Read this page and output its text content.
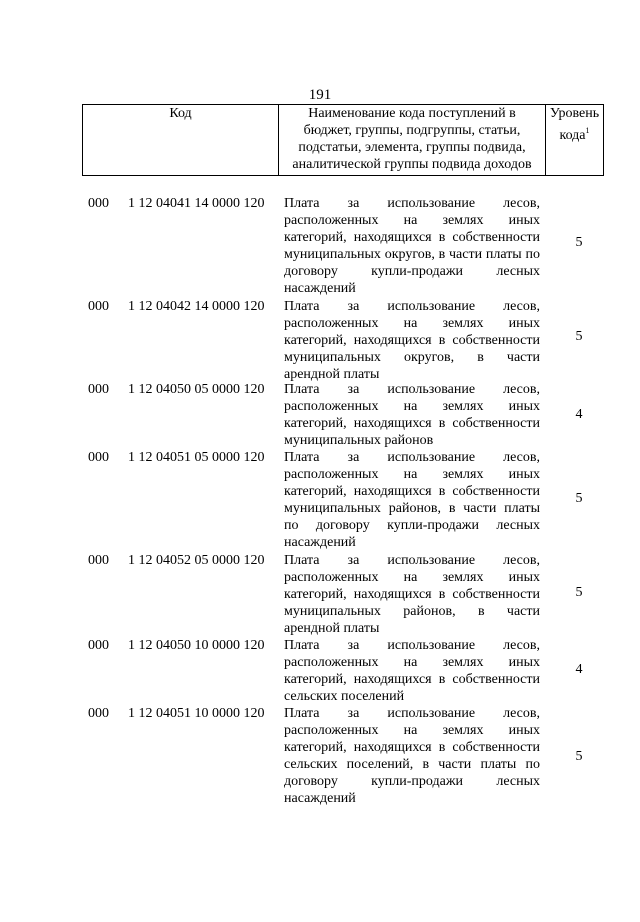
191
Код	Наименование кода поступлений в бюджет, группы, подгруппы, статьи, подстатьи, элемента, группы подвида, аналитической группы подвида доходов
Уровень
кода$^1$
000 1 12 04041 14 0000 120 Плата за использование лесов, расположенных на землях иных категорий, находящихся в собственности муниципальных округов, в части платы по договору купли-продажи лесных насаждений
5
000 1 12 04042 14 0000 120 Плата за использование лесов, расположенных на землях иных категорий, находящихся в собственности муниципальных округов, в части арендной платы
5
000 1 12 04050 05 0000 120 Плата за использование лесов, расположенных на землях иных категорий, находящихся в собственности муниципальных районов
4
000 1 12 04051 05 0000 120 Плата за использование лесов, расположенных на землях иных категорий, находящихся в собственности муниципальных районов, в части платы по договору купли-продажи лесных насаждений
5
000 1 12 04052 05 0000 120 Плата за использование лесов, расположенных на землях иных категорий, находящихся в собственности муниципальных районов, в части арендной платы
5
000 1 12 04050 10 0000 120 Плата за использование лесов, расположенных на землях иных категорий, находящихся в собственности сельских поселений
4
000 1 12 04051 10 0000 120 Плата за использование лесов, расположенных на землях иных категорий, находящихся в собственности сельских поселений, в части платы по договору купли-продажи лесных насаждений
5
